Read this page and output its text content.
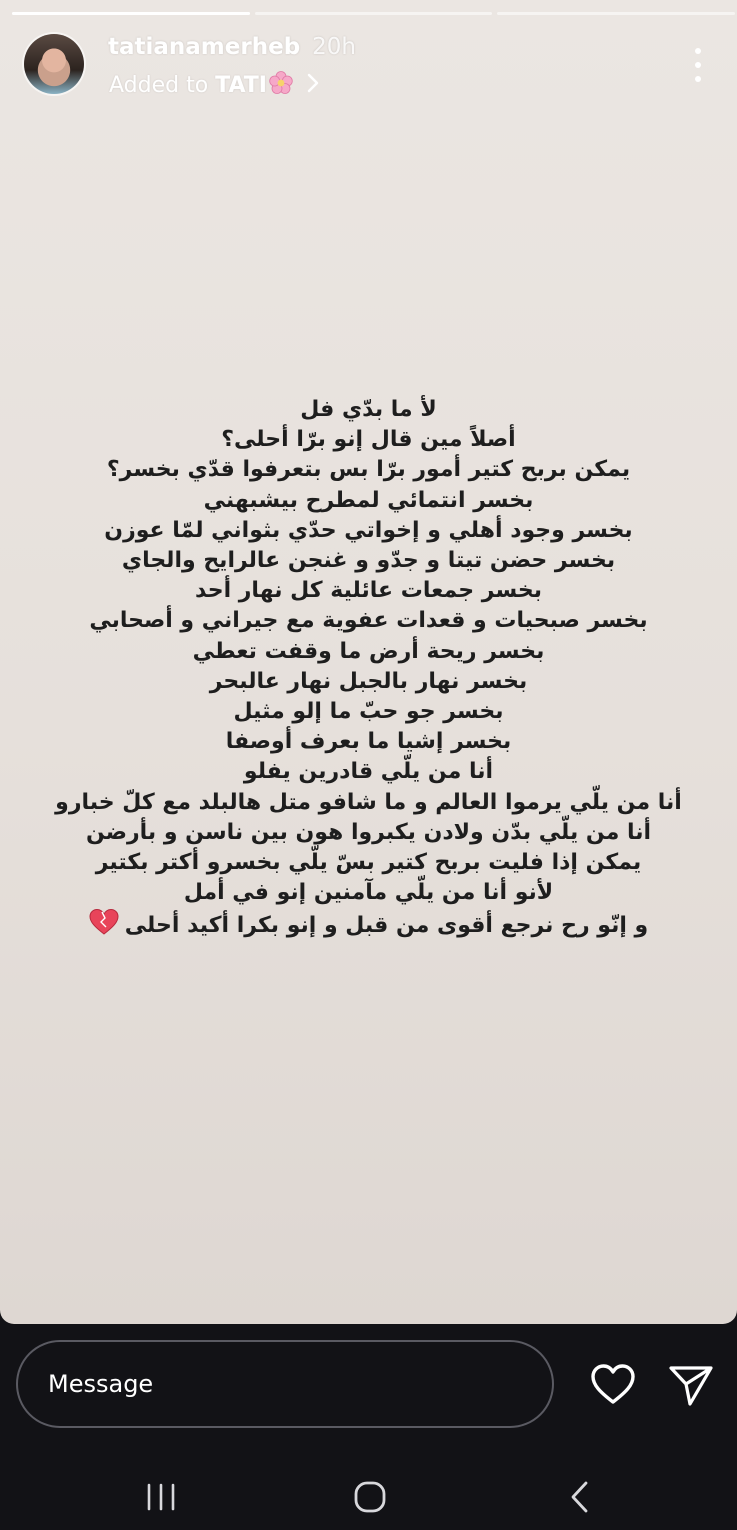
tatianamerheb 20h
Added to TATI
لأ ما بدّي فل
أصلاً مين قال إنو برّا أحلى؟
يمكن بربح كتير أمور برّا بس بتعرفوا قدّي بخسر؟
بخسر انتمائي لمطرح بيشبهني
بخسر وجود أهلي و إخواتي حدّي بثواني لمّا عوزن
بخسر حضن تيتا و جدّو و غنجن عالرايح والجاي
بخسر جمعات عائلية كل نهار أحد
بخسر صبحيات و قعدات عفوية مع جيراني و أصحابي
بخسر ريحة أرض ما وقفت تعطي
بخسر نهار بالجبل نهار عالبحر
بخسر جو حبّ ما إلو مثيل
بخسر إشيا ما بعرف أوصفا
أنا من يلّي قادرين يفلو
أنا من يلّي يرموا العالم و ما شافو متل هالبلد مع كلّ خبارو
أنا من يلّي بدّن ولادن يكبروا هون بين ناسن و بأرضن
يمكن إذا فليت بربح كتير بسّ يلّي بخسرو أكتر بكتير
لأنو أنا من يلّي مآمنين إنو في أمل
و إنّو رح نرجع أقوى من قبل و إنو بكرا أكيد أحلى
Message
